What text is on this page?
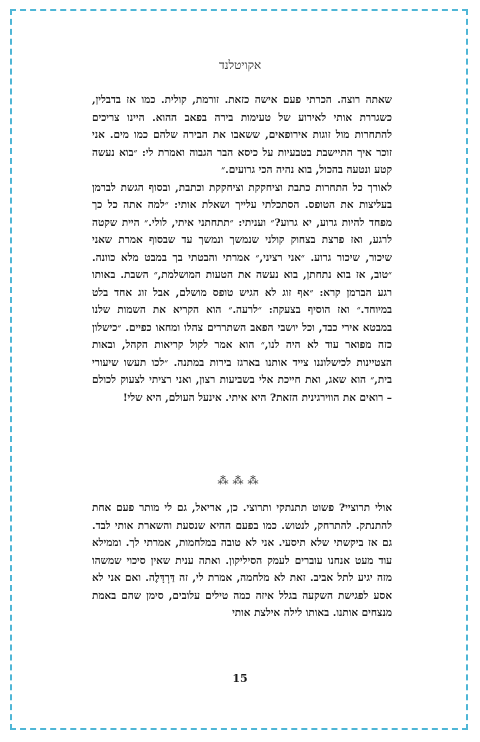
אקויטלנד

שאתה רוצה. הכרתי פעם אישה כזאת. זורמת, קולית. כמו אז בדבלין, כשגררת אותי לאירוע של טעימות בירה בפאב ההוא. היינו צריכים להתחרות מול זוגות אירופאים, ששאבו את הבירה שלהם כמו מים. אני זוכר איך התיישבת בטבעיות על כיסא הבר הגבוה ואמרת לי: ״בוא נעשה קטע ונטעה בהכול, בוא נהיה הכי גרועים.״

לאורך כל התחרות כתבת וציחקקת וציחקקת וכתבת, ובסוף הגשת לברמן בעליצות את הטופס. הסתכלתי עלייך ושאלת אותי: ״למה אתה כל כך מפחד להיות גרוע, יא גרוע?״ ועניתי: ״תתחתני איתי, לולי.״ היית שקטה לרגע, ואז פרצת בצחוק קולני שנמשך ונמשך עד שבסוף אמרת שאני שיכור, שיכור גרוע. ״אני רציני,״ אמרתי והבטתי בך במבט מלא כוונה. ״טוב, אז בוא נתחתן, בוא נעשה את הטעות המושלמת,״ השבת. באותו רגע הברמן קרא: ״אף זוג לא הגיש טופס מושלם, אבל זוג אחד בלט במיוחד.״ ואז הוסיף בצעקה: ״לרעה.״ הוא הקריא את השמות שלנו במבטא אירי כבד, וכל יושבי הפאב השתררים צהלו ומחאו כפיים. ״כישלון כזה מפואר עוד לא היה לנו,״ הוא אמר לקול קריאות הקהל, ובאות הצטיינות לכישלוננו צייד אותנו בארגז בירות במתנה. ״לכו תעשו שיעורי בית,״ הוא שאג, ואת חייכת אלי בשביעות רצון, ואני רציתי לצעוק לכולם – רואים את הווירגינית הזאת? היא איתי. אינעל העולם, היא שלי!

⁂⁂⁂

אולי תרוציי? פשוט תתנתקי ותרוצי. כן, אריאל, גם לי מותר פעם אחת להתנתק. להתרחק, לנטוש. כמו בפעם ההיא שנסעת והשארת אותי לבד. גם אז ביקשתי שלא תיסעי. אני לא טובה במלחמות, אמרתי לך. וממילא עוד מעט אנחנו עוברים לעמק הסיליקון. ואתה ענית שאין סיכוי שמשהו מזה יגיע לתל אביב. זאת לא מלחמה, אמרת לי, זה דַּרְדָּלֶה. ואם אני לא אסע לפגישת השקעה בגלל איזה כמה טילים עלובים, סימן שהם באמת מנצחים אותנו. באותו לילה אילצת אותי

15
